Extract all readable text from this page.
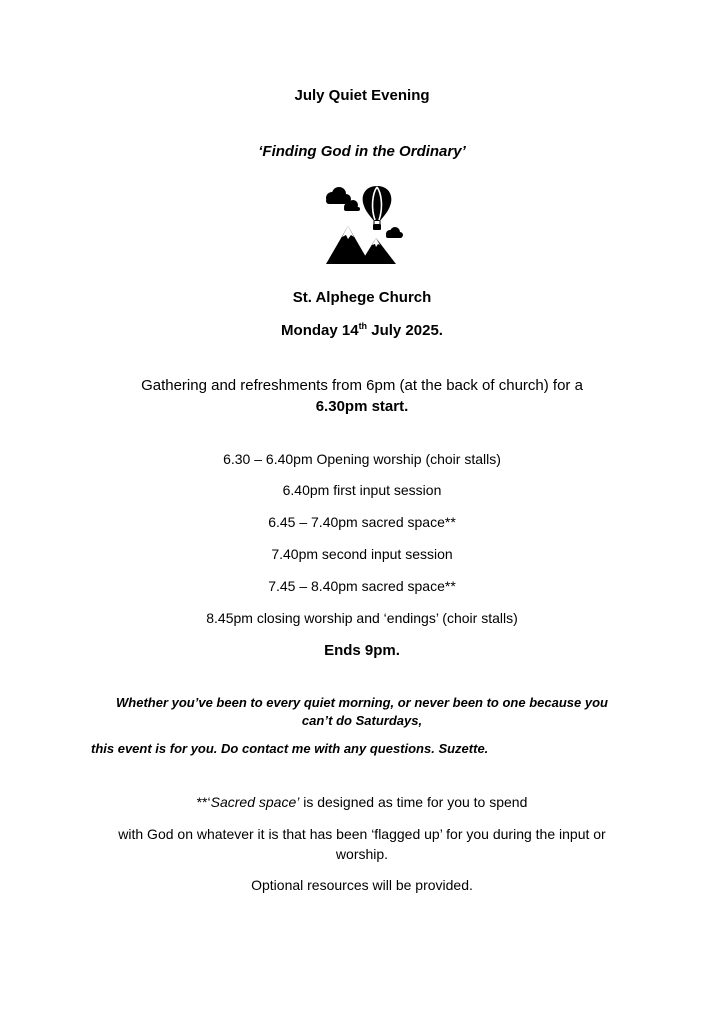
July Quiet Evening
‘Finding God in the Ordinary’
St. Alphege Church
Monday 14th July 2025.
Gathering and refreshments from 6pm (at the back of church) for a
6.30pm start.
6.30 – 6.40pm Opening worship (choir stalls)
6.40pm first input session
6.45 – 7.40pm sacred space**
7.40pm second input session
7.45 – 8.40pm sacred space**
8.45pm closing worship and ‘endings’ (choir stalls)
Ends 9pm.
Whether you’ve been to every quiet morning, or never been to one because you
can’t do Saturdays,
this event is for you. Do contact me with any questions. Suzette.
**‘Sacred space’ is designed as time for you to spend
with God on whatever it is that has been ‘flagged up’ for you during the input or
worship.
Optional resources will be provided.
